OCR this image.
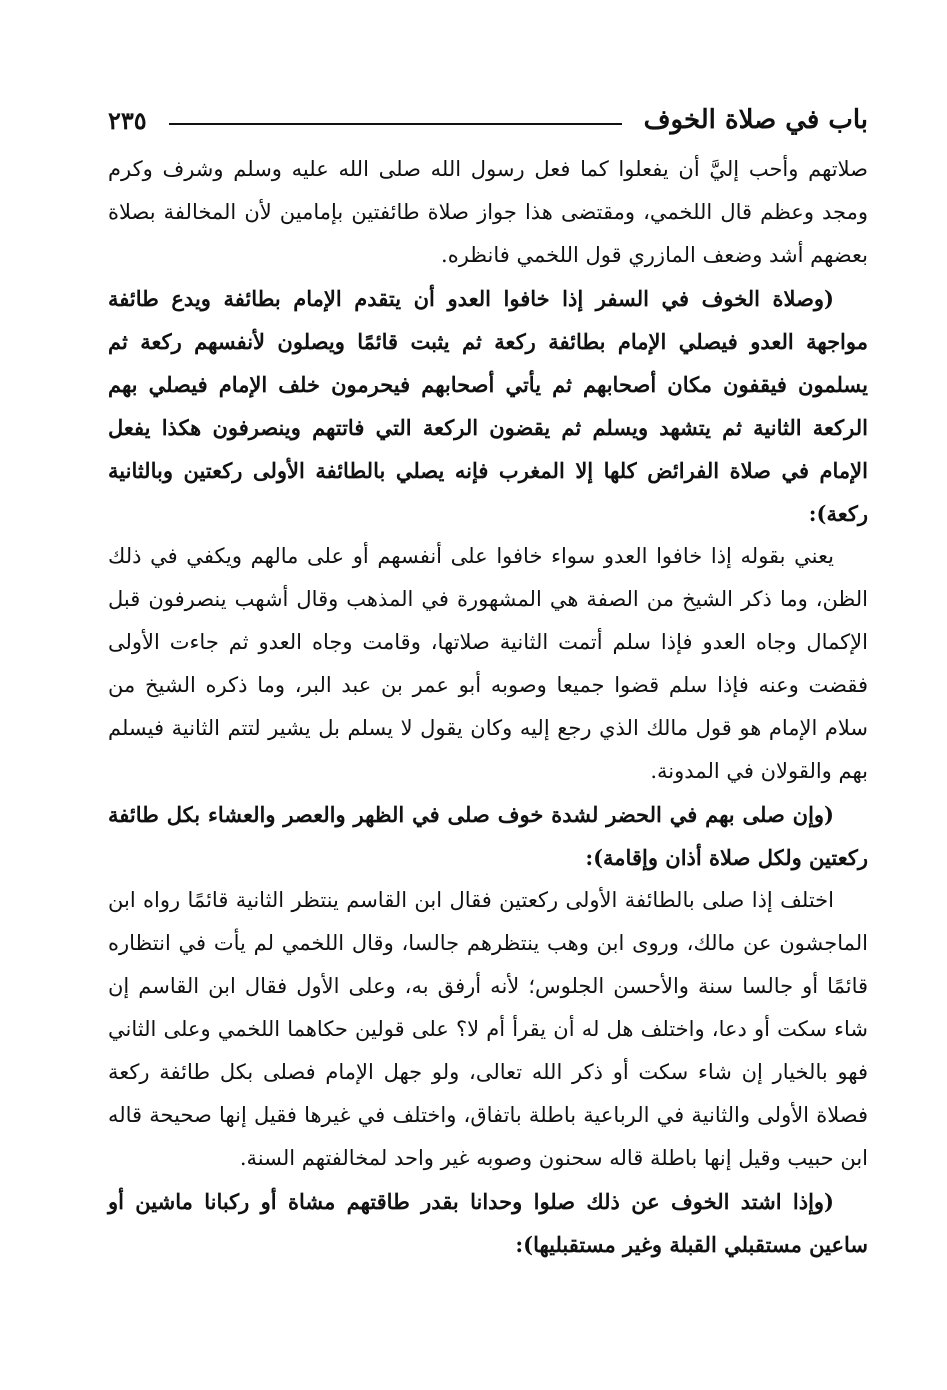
باب في صلاة الخوف
٢٣٥

صلاتهم وأحب إليَّ أن يفعلوا كما فعل رسول الله صلى الله عليه وسلم وشرف وكرم ومجد وعظم قال اللخمي، ومقتضى هذا جواز صلاة طائفتين بإمامين لأن المخالفة بصلاة بعضهم أشد وضعف المازري قول اللخمي فانظره.

(وصلاة الخوف في السفر إذا خافوا العدو أن يتقدم الإمام بطائفة ويدع طائفة مواجهة العدو فيصلي الإمام بطائفة ركعة ثم يثبت قائمًا ويصلون لأنفسهم ركعة ثم يسلمون فيقفون مكان أصحابهم ثم يأتي أصحابهم فيحرمون خلف الإمام فيصلي بهم الركعة الثانية ثم يتشهد ويسلم ثم يقضون الركعة التي فاتتهم وينصرفون هكذا يفعل الإمام في صلاة الفرائض كلها إلا المغرب فإنه يصلي بالطائفة الأولى ركعتين وبالثانية ركعة):

يعني بقوله إذا خافوا العدو سواء خافوا على أنفسهم أو على مالهم ويكفي في ذلك الظن، وما ذكر الشيخ من الصفة هي المشهورة في المذهب وقال أشهب ينصرفون قبل الإكمال وجاه العدو فإذا سلم أتمت الثانية صلاتها، وقامت وجاه العدو ثم جاءت الأولى فقضت وعنه فإذا سلم قضوا جميعا وصوبه أبو عمر بن عبد البر، وما ذكره الشيخ من سلام الإمام هو قول مالك الذي رجع إليه وكان يقول لا يسلم بل يشير لتتم الثانية فيسلم بهم والقولان في المدونة.

(وإن صلى بهم في الحضر لشدة خوف صلى في الظهر والعصر والعشاء بكل طائفة ركعتين ولكل صلاة أذان وإقامة):

اختلف إذا صلى بالطائفة الأولى ركعتين فقال ابن القاسم ينتظر الثانية قائمًا رواه ابن الماجشون عن مالك، وروى ابن وهب ينتظرهم جالسا، وقال اللخمي لم يأت في انتظاره قائمًا أو جالسا سنة والأحسن الجلوس؛ لأنه أرفق به، وعلى الأول فقال ابن القاسم إن شاء سكت أو دعا، واختلف هل له أن يقرأ أم لا؟ على قولين حكاهما اللخمي وعلى الثاني فهو بالخيار إن شاء سكت أو ذكر الله تعالى، ولو جهل الإمام فصلى بكل طائفة ركعة فصلاة الأولى والثانية في الرباعية باطلة باتفاق، واختلف في غيرها فقيل إنها صحيحة قاله ابن حبيب وقيل إنها باطلة قاله سحنون وصوبه غير واحد لمخالفتهم السنة.

(وإذا اشتد الخوف عن ذلك صلوا وحدانا بقدر طاقتهم مشاة أو ركبانا ماشين أو ساعين مستقبلي القبلة وغير مستقبليها):
